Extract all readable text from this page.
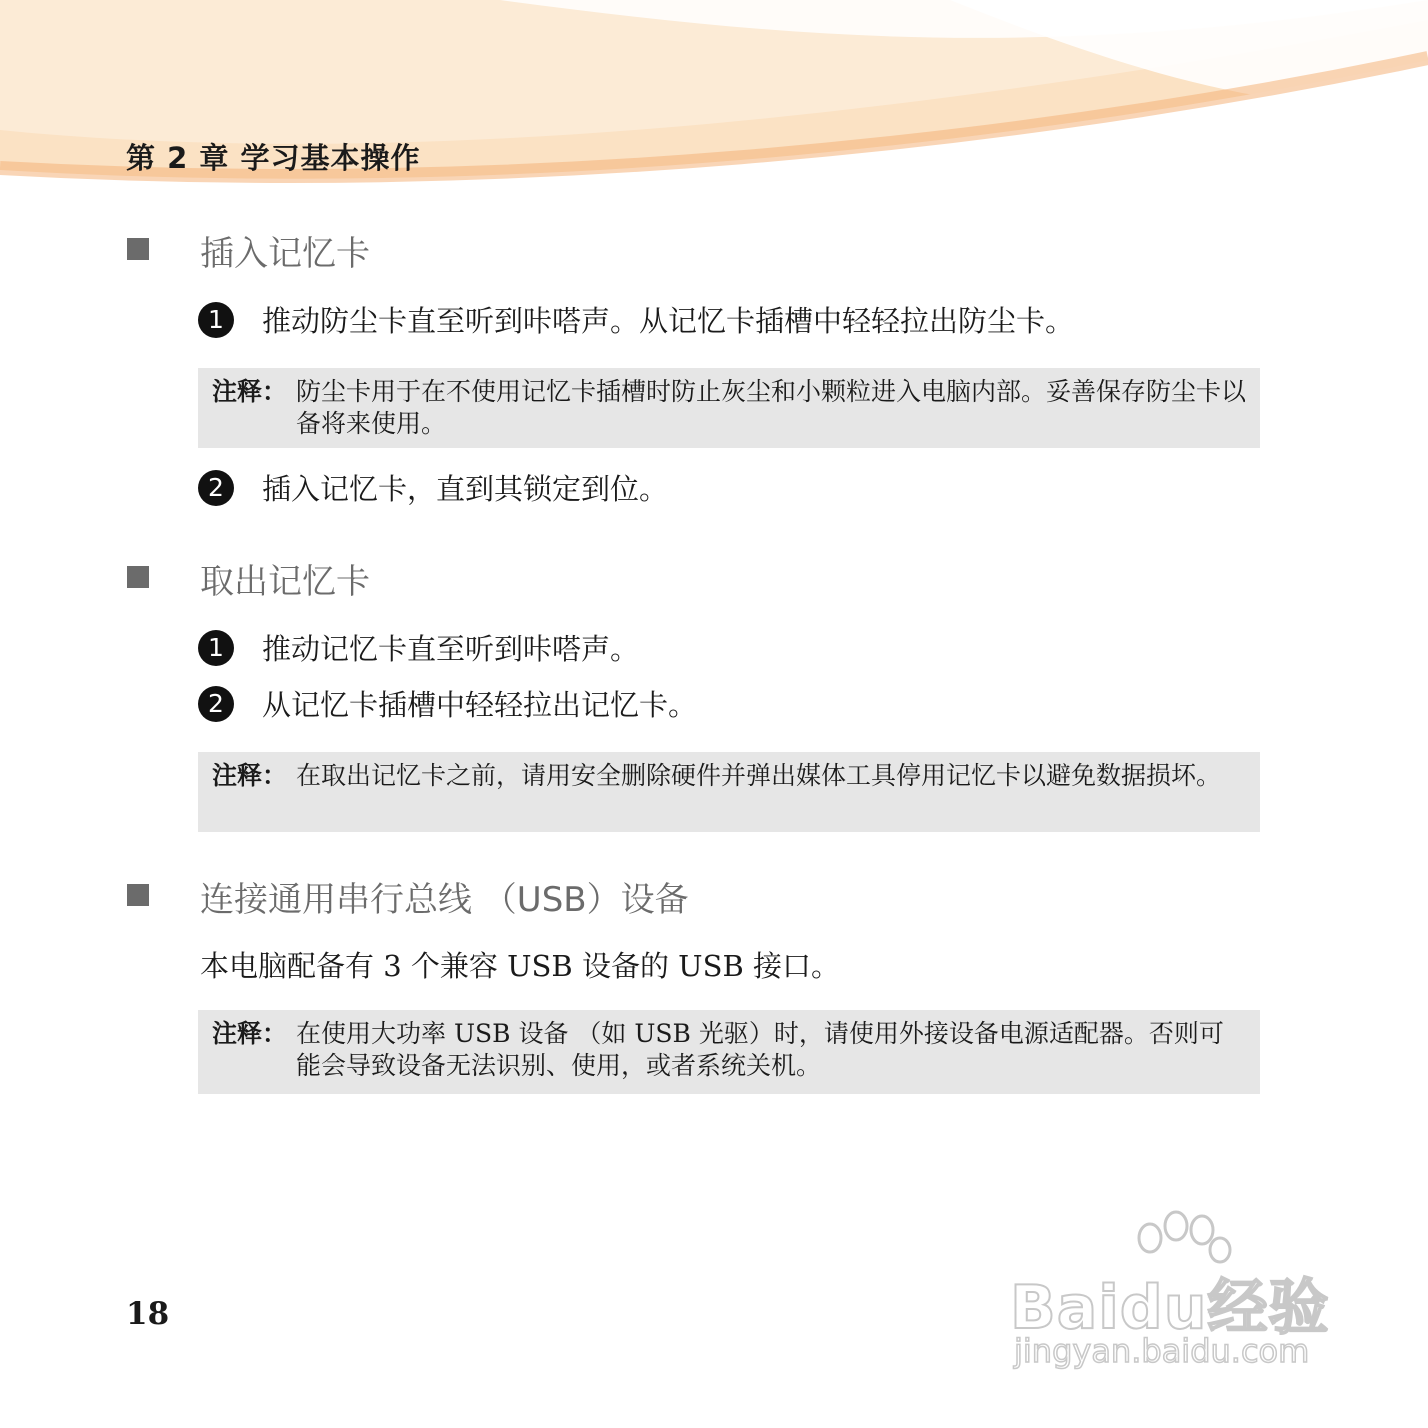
第 2 章 学习基本操作
插入记忆卡
1	推动防尘卡直至听到咔嗒声。从记忆卡插槽中轻轻拉出防尘卡。
注释： 防尘卡用于在不使用记忆卡插槽时防止灰尘和小颗粒进入电脑内部。妥善保存防尘卡以备将来使用。
2	插入记忆卡，直到其锁定到位。
取出记忆卡
1	推动记忆卡直至听到咔嗒声。
2	从记忆卡插槽中轻轻拉出记忆卡。
注释： 在取出记忆卡之前，请用安全删除硬件并弹出媒体工具停用记忆卡以避免数据损坏。
连接通用串行总线 （USB）设备
本电脑配备有 3 个兼容 USB 设备的 USB 接口。
注释： 在使用大功率 USB 设备 （如 USB 光驱）时，请使用外接设备电源适配器。否则可能会导致设备无法识别、使用，或者系统关机。
18	Baidu经验
jingyan.baidu.com
